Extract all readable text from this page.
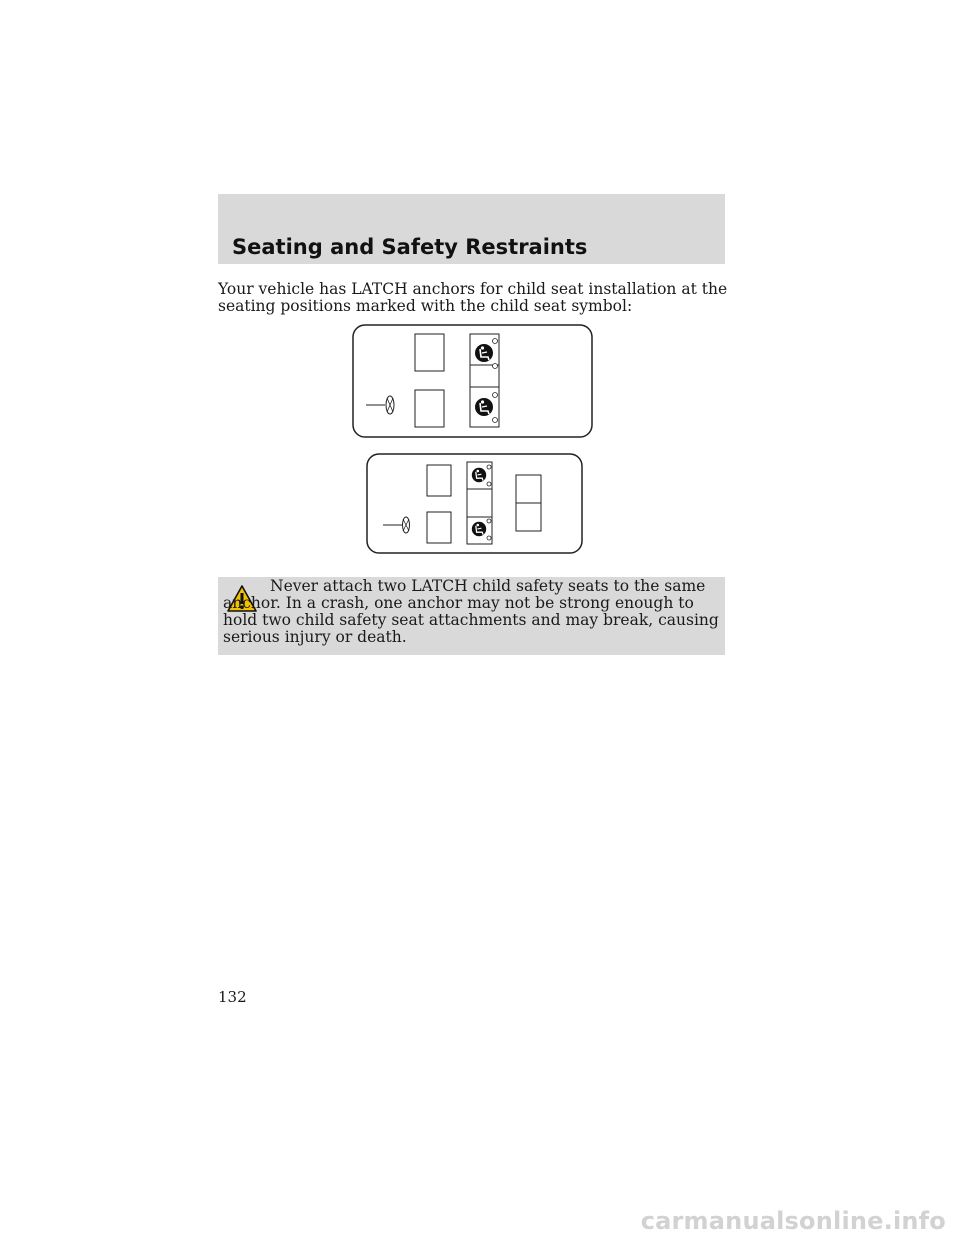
Seating and Safety Restraints

Your vehicle has LATCH anchors for child seat installation at the seating positions marked with the child seat symbol:

Never attach two LATCH child safety seats to the same anchor. In a crash, one anchor may not be strong enough to hold two child safety seat attachments and may break, causing serious injury or death.

132
carmanualsonline.info
